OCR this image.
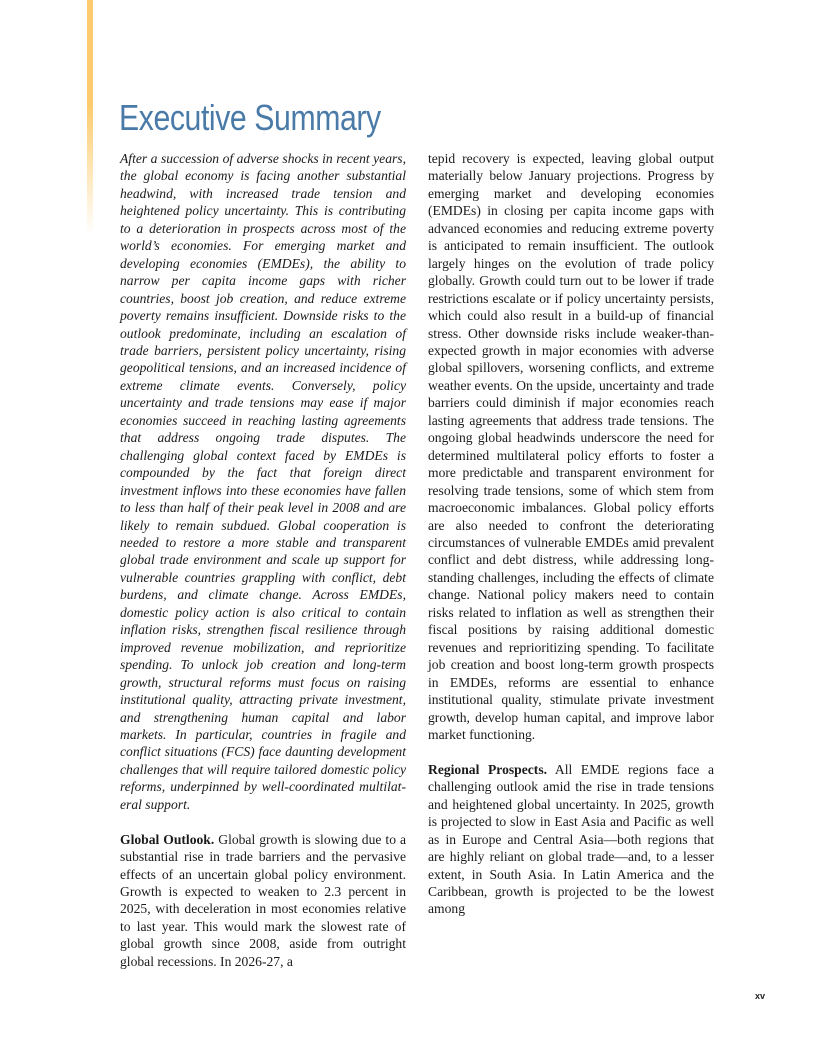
Executive Summary

After a succession of adverse shocks in recent years, the global economy is facing another substantial headwind, with increased trade tension and heightened policy uncertainty. This is contributing to a deterioration in prospects across most of the world’s economies. For emerging market and developing economies (EMDEs), the ability to narrow per capita income gaps with richer countries, boost job creation, and reduce extreme poverty remains insufficient. Downside risks to the outlook predominate, including an escalation of trade barriers, persistent policy uncertainty, rising geopolitical tensions, and an increased incidence of extreme climate events. Conversely, policy uncertainty and trade tensions may ease if major economies succeed in reaching lasting agreements that address ongoing trade disputes. The challenging global context faced by EMDEs is compounded by the fact that foreign direct investment inflows into these economies have fallen to less than half of their peak level in 2008 and are likely to remain subdued. Global cooperation is needed to restore a more stable and transparent global trade environment and scale up support for vulnerable countries grappling with conflict, debt burdens, and climate change. Across EMDEs, domestic policy action is also critical to contain inflation risks, strengthen fiscal resilience through improved revenue mobilization, and reprioritize spending. To unlock job creation and long-term growth, structural reforms must focus on raising institutional quality, attracting private investment, and strengthening human capital and labor markets. In particular, countries in fragile and conflict situations (FCS) face daunting development challenges that will require tailored domestic policy reforms, underpinned by well-coordinated multilateral support.

Global Outlook. Global growth is slowing due to a substantial rise in trade barriers and the pervasive effects of an uncertain global policy environment. Growth is expected to weaken to 2.3 percent in 2025, with deceleration in most economies relative to last year. This would mark the slowest rate of global growth since 2008, aside from outright global recessions. In 2026-27, a

tepid recovery is expected, leaving global output materially below January projections. Progress by emerging market and developing economies (EMDEs) in closing per capita income gaps with advanced economies and reducing extreme poverty is anticipated to remain insufficient. The outlook largely hinges on the evolution of trade policy globally. Growth could turn out to be lower if trade restrictions escalate or if policy uncertainty persists, which could also result in a build-up of financial stress. Other downside risks include weaker-than-expected growth in major economies with adverse global spillovers, worsening conflicts, and extreme weather events. On the upside, uncertainty and trade barriers could diminish if major economies reach lasting agreements that address trade tensions. The ongoing global headwinds underscore the need for determined multilateral policy efforts to foster a more predictable and transparent environment for resolving trade tensions, some of which stem from macroeconomic imbalances. Global policy efforts are also needed to confront the deteriorating circumstances of vulnerable EMDEs amid prevalent conflict and debt distress, while addressing long-standing challenges, including the effects of climate change. National policy makers need to contain risks related to inflation as well as strengthen their fiscal positions by raising additional domestic revenues and reprioritizing spending. To facilitate job creation and boost long-term growth prospects in EMDEs, reforms are essential to enhance institutional quality, stimulate private investment growth, develop human capital, and improve labor market functioning.

Regional Prospects. All EMDE regions face a challenging outlook amid the rise in trade tensions and heightened global uncertainty. In 2025, growth is projected to slow in East Asia and Pacific as well as in Europe and Central Asia—both regions that are highly reliant on global trade—and, to a lesser extent, in South Asia. In Latin America and the Caribbean, growth is projected to be the lowest among

xv
